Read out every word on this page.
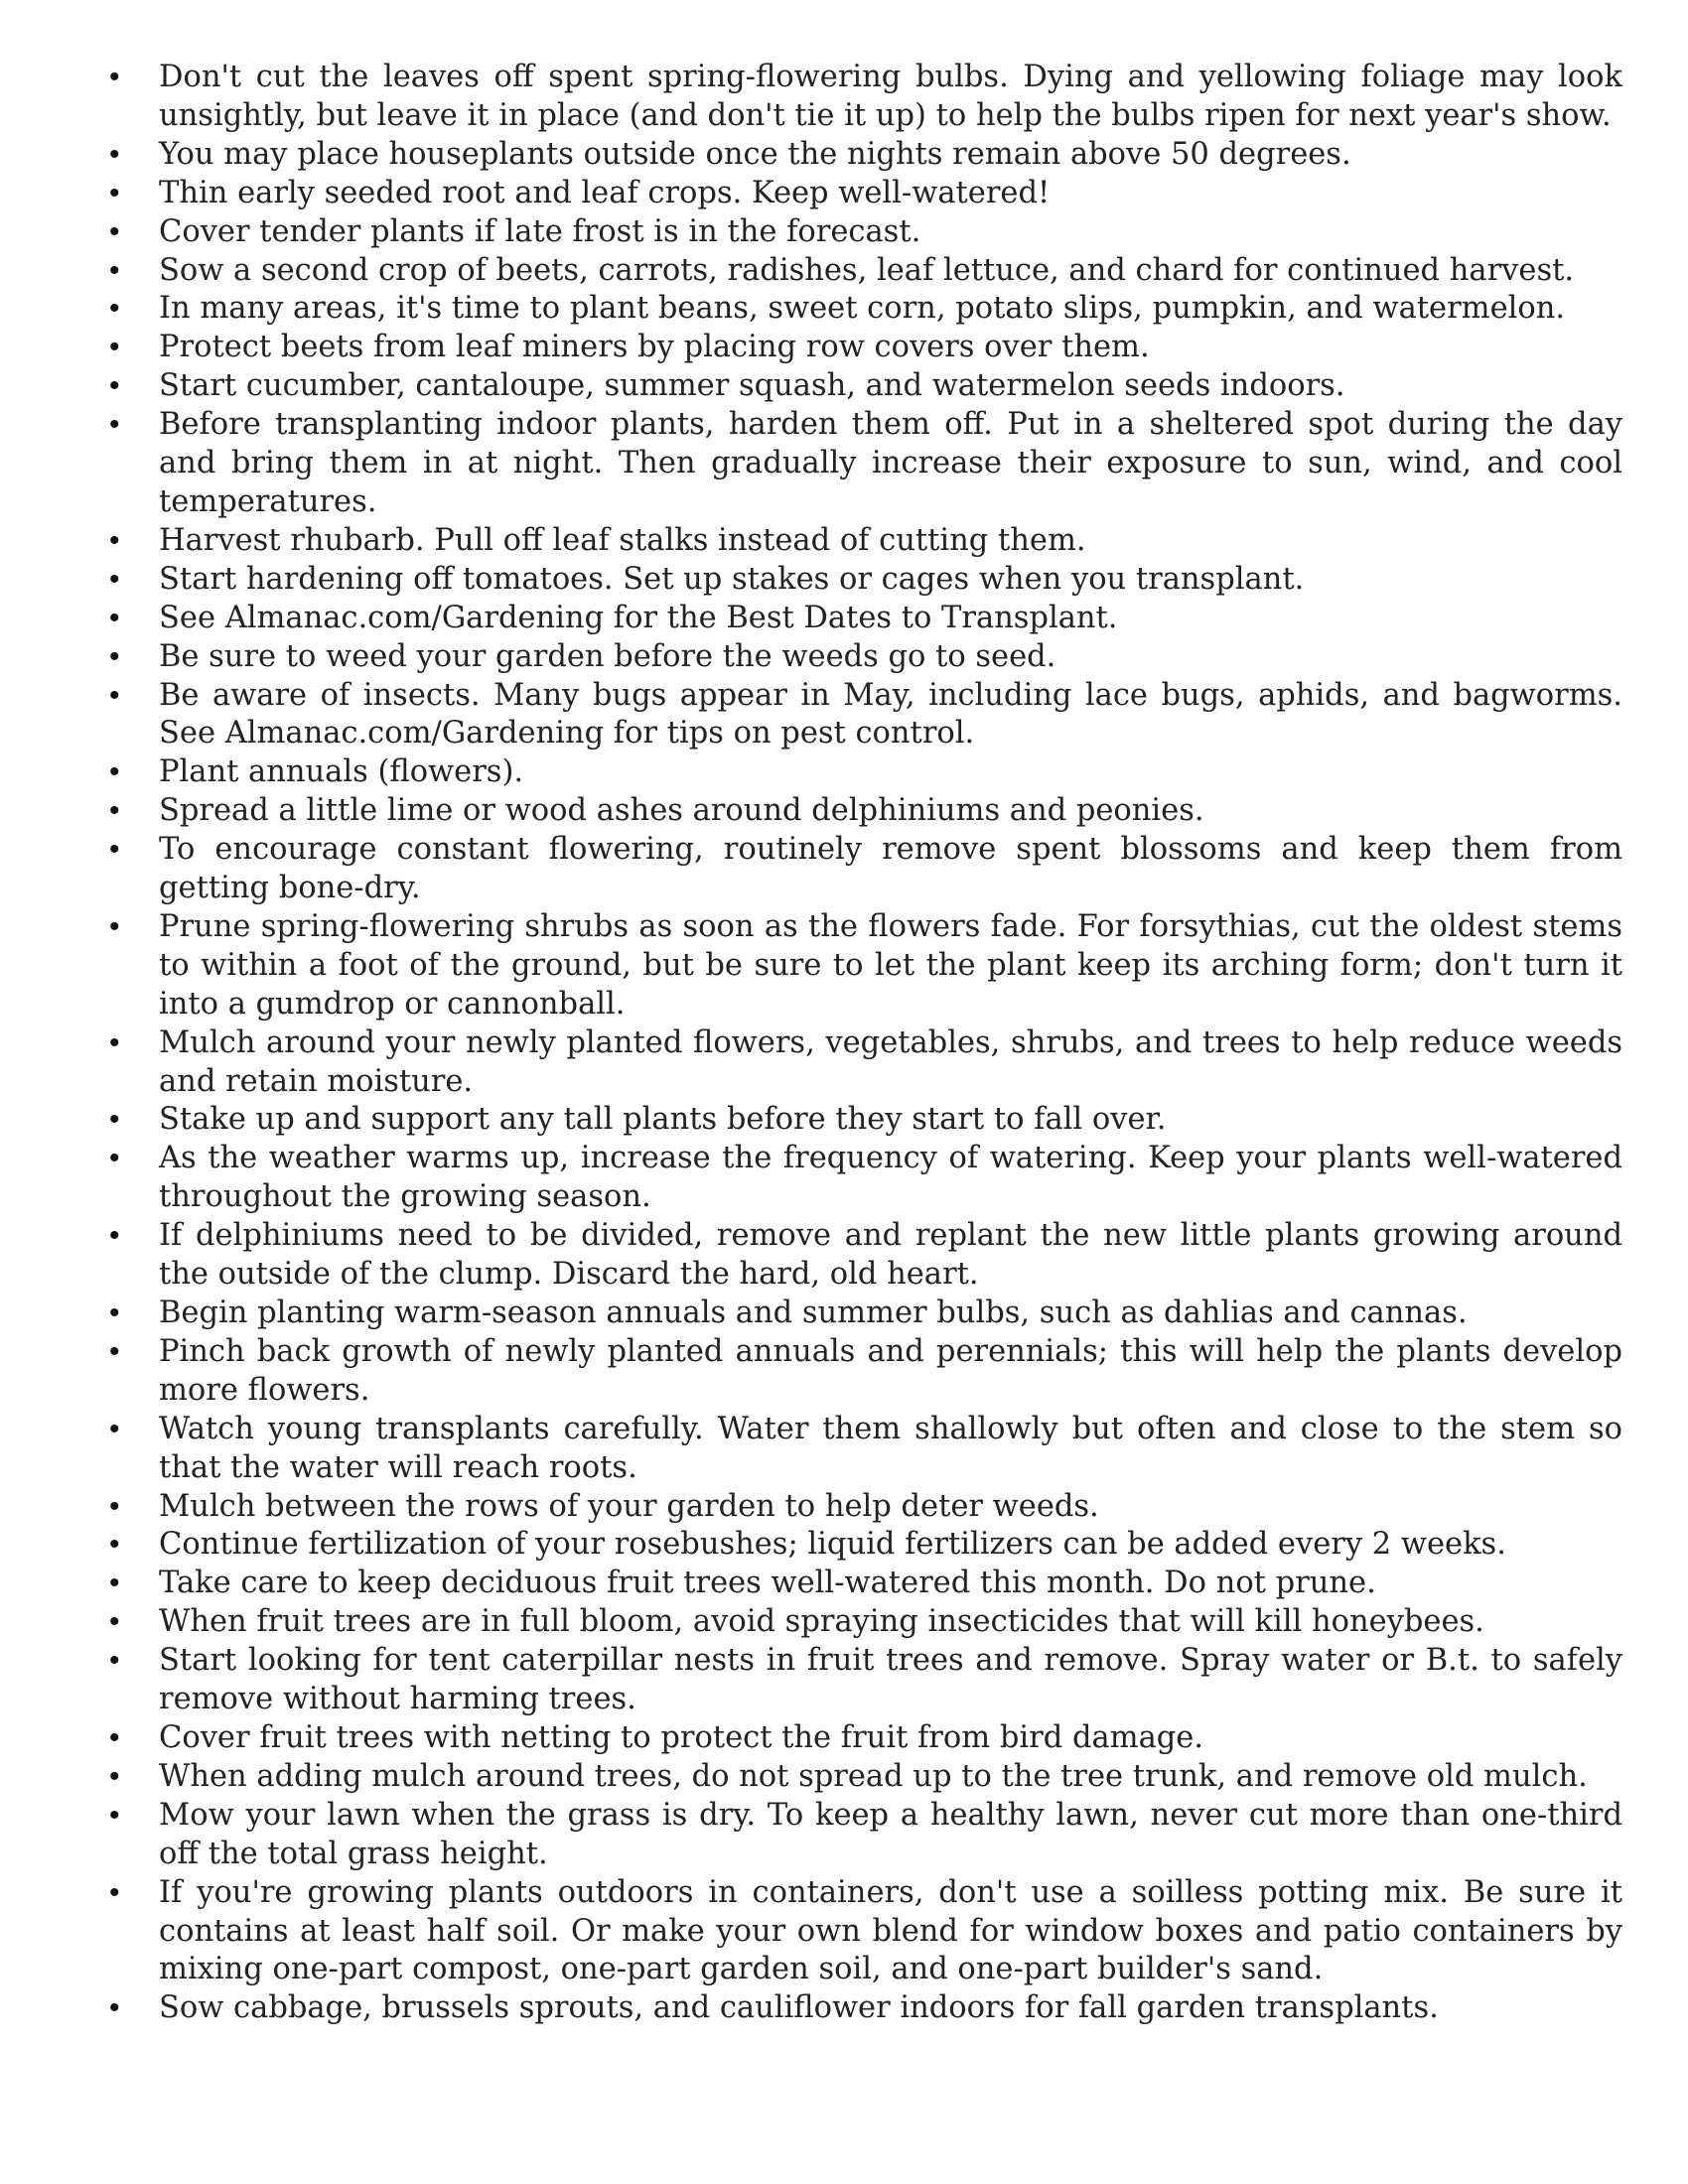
•	Don't cut the leaves off spent spring-flowering bulbs. Dying and yellowing foliage may look unsightly, but leave it in place (and don't tie it up) to help the bulbs ripen for next year's show.
•	You may place houseplants outside once the nights remain above 50 degrees.
•	Thin early seeded root and leaf crops. Keep well-watered!
•	Cover tender plants if late frost is in the forecast.
•	Sow a second crop of beets, carrots, radishes, leaf lettuce, and chard for continued harvest.
•	In many areas, it's time to plant beans, sweet corn, potato slips, pumpkin, and watermelon.
•	Protect beets from leaf miners by placing row covers over them.
•	Start cucumber, cantaloupe, summer squash, and watermelon seeds indoors.
•	Before transplanting indoor plants, harden them off. Put in a sheltered spot during the day and bring them in at night. Then gradually increase their exposure to sun, wind, and cool temperatures.
•	Harvest rhubarb. Pull off leaf stalks instead of cutting them.
•	Start hardening off tomatoes. Set up stakes or cages when you transplant.
•	See Almanac.com/Gardening for the Best Dates to Transplant.
•	Be sure to weed your garden before the weeds go to seed.
•	Be aware of insects. Many bugs appear in May, including lace bugs, aphids, and bagworms. See Almanac.com/Gardening for tips on pest control.
•	Plant annuals (flowers).
•	Spread a little lime or wood ashes around delphiniums and peonies.
•	To encourage constant flowering, routinely remove spent blossoms and keep them from getting bone-dry.
•	Prune spring-flowering shrubs as soon as the flowers fade. For forsythias, cut the oldest stems to within a foot of the ground, but be sure to let the plant keep its arching form; don't turn it into a gumdrop or cannonball.
•	Mulch around your newly planted flowers, vegetables, shrubs, and trees to help reduce weeds and retain moisture.
•	Stake up and support any tall plants before they start to fall over.
•	As the weather warms up, increase the frequency of watering. Keep your plants well-watered throughout the growing season.
•	If delphiniums need to be divided, remove and replant the new little plants growing around the outside of the clump. Discard the hard, old heart.
•	Begin planting warm-season annuals and summer bulbs, such as dahlias and cannas.
•	Pinch back growth of newly planted annuals and perennials; this will help the plants develop more flowers.
•	Watch young transplants carefully. Water them shallowly but often and close to the stem so that the water will reach roots.
•	Mulch between the rows of your garden to help deter weeds.
•	Continue fertilization of your rosebushes; liquid fertilizers can be added every 2 weeks.
•	Take care to keep deciduous fruit trees well-watered this month. Do not prune.
•	When fruit trees are in full bloom, avoid spraying insecticides that will kill honeybees.
•	Start looking for tent caterpillar nests in fruit trees and remove. Spray water or B.t. to safely remove without harming trees.
•	Cover fruit trees with netting to protect the fruit from bird damage.
•	When adding mulch around trees, do not spread up to the tree trunk, and remove old mulch.
•	Mow your lawn when the grass is dry. To keep a healthy lawn, never cut more than one-third off the total grass height.
•	If you're growing plants outdoors in containers, don't use a soilless potting mix. Be sure it contains at least half soil. Or make your own blend for window boxes and patio containers by mixing one-part compost, one-part garden soil, and one-part builder's sand.
•	Sow cabbage, brussels sprouts, and cauliflower indoors for fall garden transplants.
